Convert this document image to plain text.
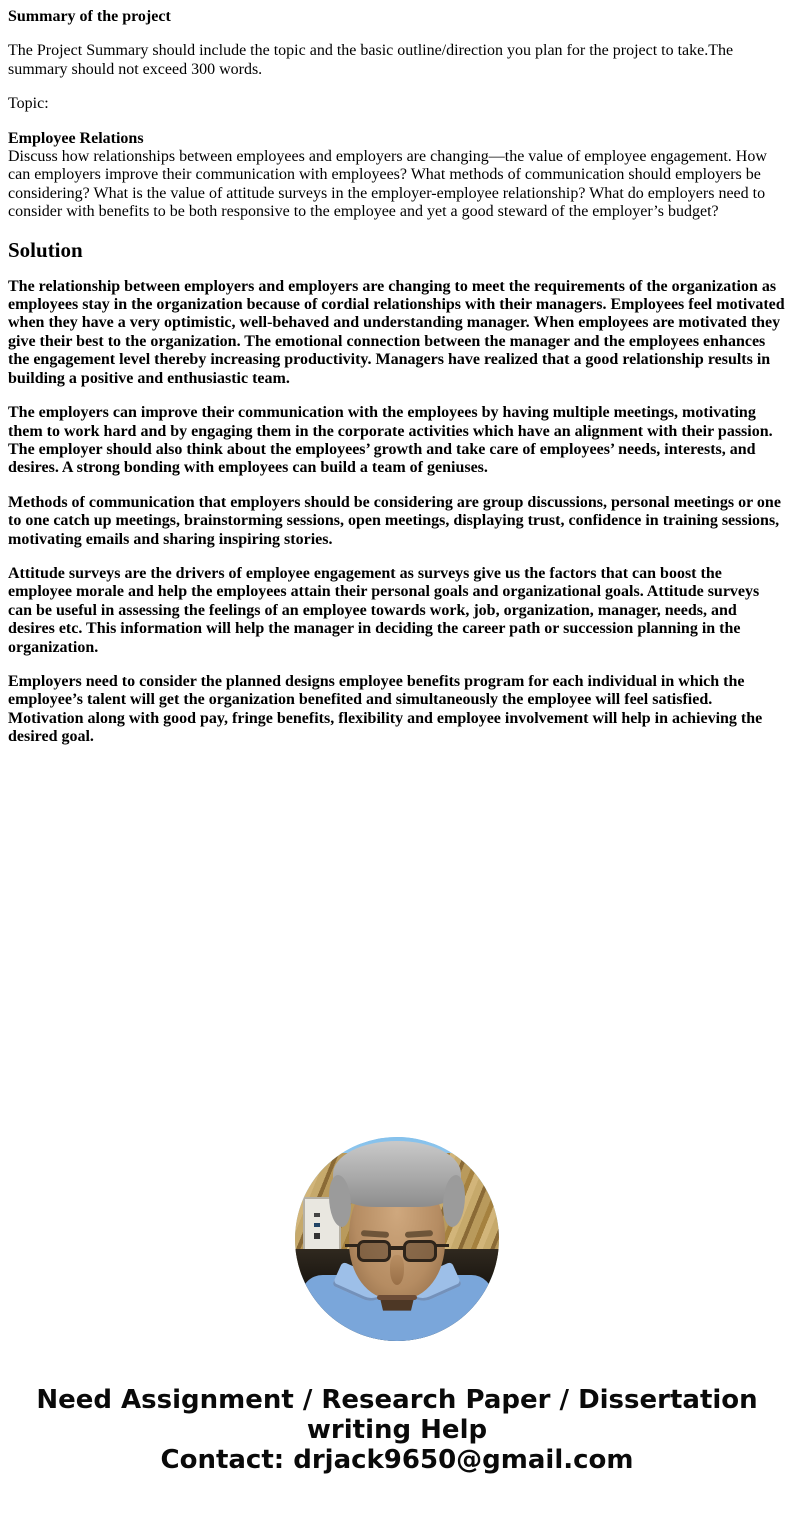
Summary of the project

The Project Summary should include the topic and the basic outline/direction you plan for the project to take.The summary should not exceed 300 words.

Topic:

Employee Relations
Discuss how relationships between employees and employers are changing—the value of employee engagement. How can employers improve their communication with employees? What methods of communication should employers be considering? What is the value of attitude surveys in the employer-employee relationship? What do employers need to consider with benefits to be both responsive to the employee and yet a good steward of the employer’s budget?

Solution

The relationship between employers and employers are changing to meet the requirements of the organization as employees stay in the organization because of cordial relationships with their managers. Employees feel motivated when they have a very optimistic, well-behaved and understanding manager. When employees are motivated they give their best to the organization. The emotional connection between the manager and the employees enhances the engagement level thereby increasing productivity. Managers have realized that a good relationship results in building a positive and enthusiastic team.

The employers can improve their communication with the employees by having multiple meetings, motivating them to work hard and by engaging them in the corporate activities which have an alignment with their passion. The employer should also think about the employees’ growth and take care of employees’ needs, interests, and desires. A strong bonding with employees can build a team of geniuses.

Methods of communication that employers should be considering are group discussions, personal meetings or one to one catch up meetings, brainstorming sessions, open meetings, displaying trust, confidence in training sessions, motivating emails and sharing inspiring stories.

Attitude surveys are the drivers of employee engagement as surveys give us the factors that can boost the employee morale and help the employees attain their personal goals and organizational goals. Attitude surveys can be useful in assessing the feelings of an employee towards work, job, organization, manager, needs, and desires etc. This information will help the manager in deciding the career path or succession planning in the organization.

Employers need to consider the planned designs employee benefits program for each individual in which the employee’s talent will get the organization benefited and simultaneously the employee will feel satisfied. Motivation along with good pay, fringe benefits, flexibility and employee involvement will help in achieving the desired goal.

Need Assignment / Research Paper / Dissertation
writing Help
Contact: drjack9650@gmail.com
